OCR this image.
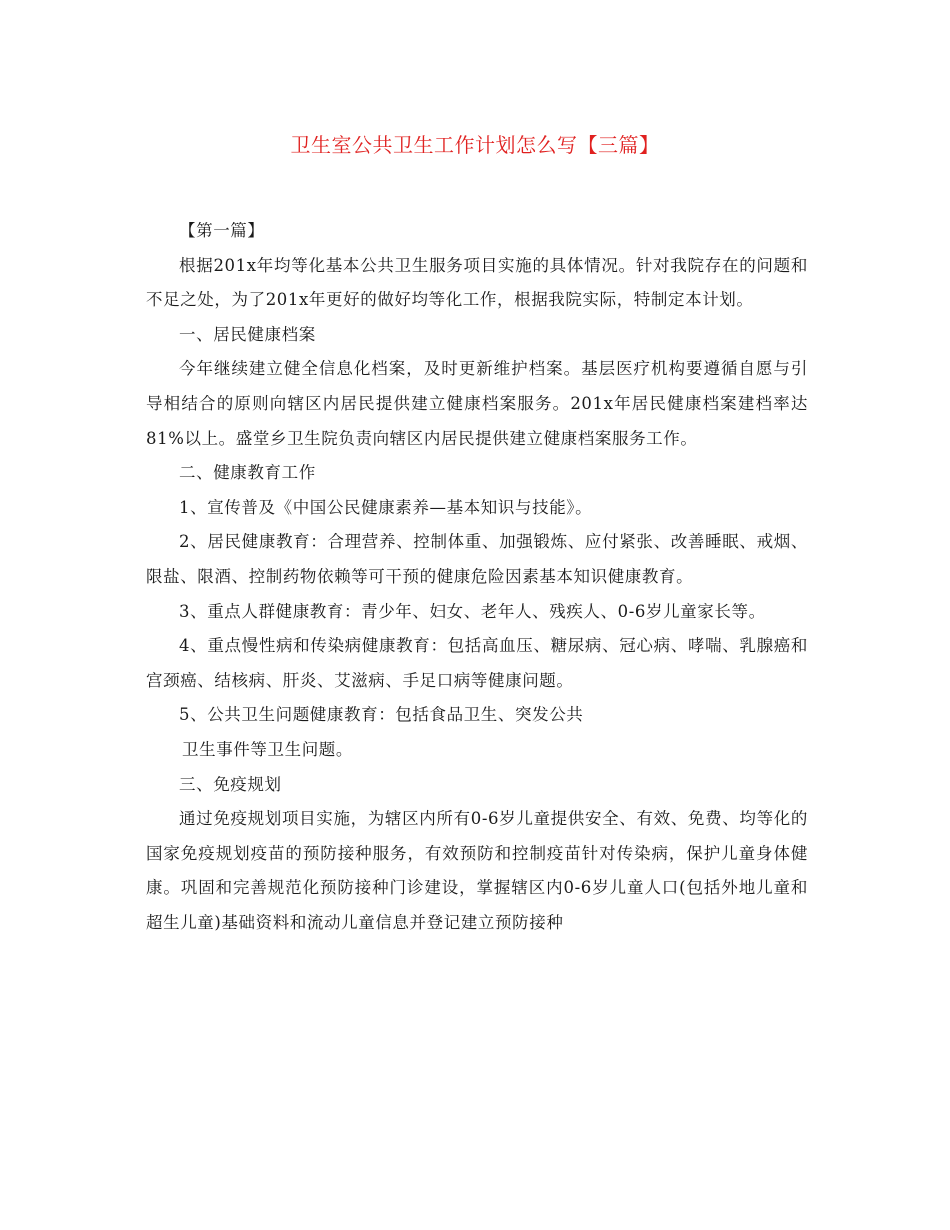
卫生室公共卫生工作计划怎么写【三篇】

【第一篇】

根据201x年均等化基本公共卫生服务项目实施的具体情况。针对我院存在的问题和不足之处，为了201x年更好的做好均等化工作，根据我院实际，特制定本计划。

一、居民健康档案

今年继续建立健全信息化档案，及时更新维护档案。基层医疗机构要遵循自愿与引导相结合的原则向辖区内居民提供建立健康档案服务。201x年居民健康档案建档率达81%以上。盛堂乡卫生院负责向辖区内居民提供建立健康档案服务工作。

二、健康教育工作

1、宣传普及《中国公民健康素养—基本知识与技能》。

2、居民健康教育：合理营养、控制体重、加强锻炼、应付紧张、改善睡眠、戒烟、限盐、限酒、控制药物依赖等可干预的健康危险因素基本知识健康教育。

3、重点人群健康教育：青少年、妇女、老年人、残疾人、0-6岁儿童家长等。

4、重点慢性病和传染病健康教育：包括高血压、糖尿病、冠心病、哮喘、乳腺癌和宫颈癌、结核病、肝炎、艾滋病、手足口病等健康问题。

5、公共卫生问题健康教育：包括食品卫生、突发公共

卫生事件等卫生问题。

三、免疫规划

通过免疫规划项目实施，为辖区内所有0-6岁儿童提供安全、有效、免费、均等化的国家免疫规划疫苗的预防接种服务，有效预防和控制疫苗针对传染病，保护儿童身体健康。巩固和完善规范化预防接种门诊建设，掌握辖区内0-6岁儿童人口(包括外地儿童和超生儿童)基础资料和流动儿童信息并登记建立预防接种
